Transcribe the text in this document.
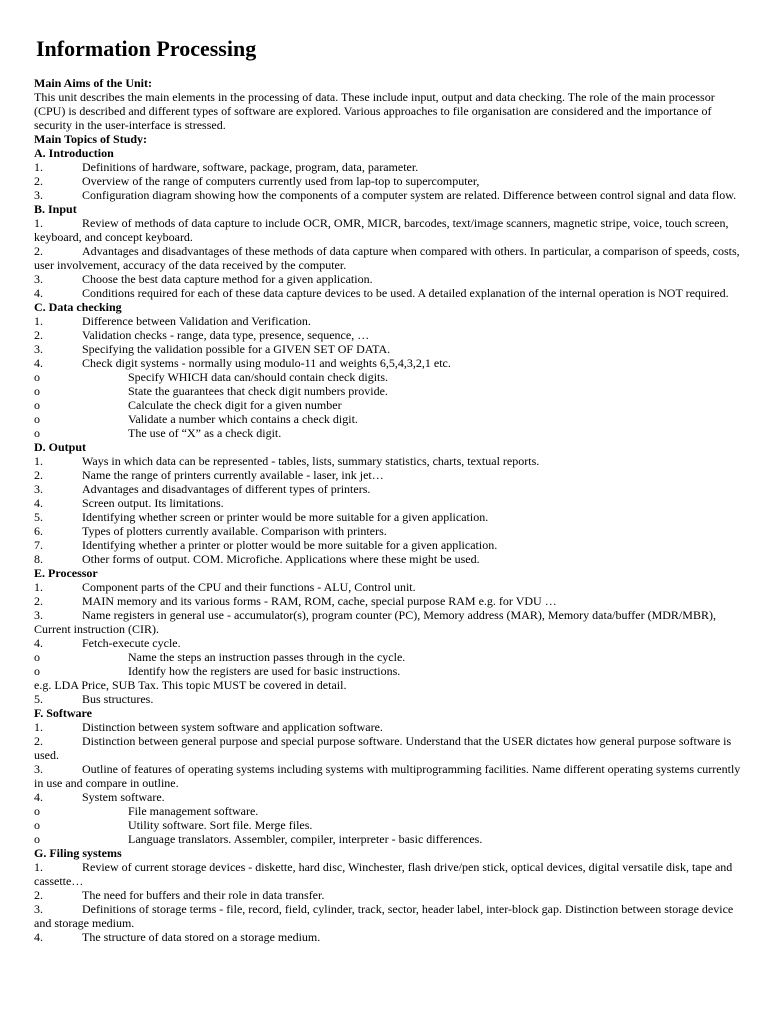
Information Processing
Main Aims of the Unit:
This unit describes the main elements in the processing of data. These include input, output and data checking. The role of the main processor (CPU) is described and different types of software are explored. Various approaches to file organisation are considered and the importance of security in the user-interface is stressed.
Main Topics of Study:
A. Introduction
1.	Definitions of hardware, software, package, program, data, parameter.
2.	Overview of the range of computers currently used from lap-top to supercomputer,
3.	Configuration diagram showing how the components of a computer system are related. Difference between control signal and data flow.
B. Input
1.	Review of methods of data capture to include OCR, OMR, MICR, barcodes, text/image scanners, magnetic stripe, voice, touch screen, keyboard, and concept keyboard.
2.	Advantages and disadvantages of these methods of data capture when compared with others. In particular, a comparison of speeds, costs, user involvement, accuracy of the data received by the computer.
3.	Choose the best data capture method for a given application.
4.	Conditions required for each of these data capture devices to be used. A detailed explanation of the internal operation is NOT required.
C. Data checking
1.	Difference between Validation and Verification.
2.	Validation checks - range, data type, presence, sequence, …
3.	Specifying the validation possible for a GIVEN SET OF DATA.
4.	Check digit systems - normally using modulo-11 and weights 6,5,4,3,2,1 etc.
o	Specify WHICH data can/should contain check digits.
o	State the guarantees that check digit numbers provide.
o	Calculate the check digit for a given number
o	Validate a number which contains a check digit.
o	The use of “X” as a check digit.
D. Output
1.	Ways in which data can be represented - tables, lists, summary statistics, charts, textual reports.
2.	Name the range of printers currently available - laser, ink jet…
3.	Advantages and disadvantages of different types of printers.
4.	Screen output. Its limitations.
5.	Identifying whether screen or printer would be more suitable for a given application.
6.	Types of plotters currently available. Comparison with printers.
7.	Identifying whether a printer or plotter would be more suitable for a given application.
8.	Other forms of output. COM. Microfiche. Applications where these might be used.
E. Processor
1.	Component parts of the CPU and their functions - ALU, Control unit.
2.	MAIN memory and its various forms - RAM, ROM, cache, special purpose RAM e.g. for VDU …
3.	Name registers in general use - accumulator(s), program counter (PC), Memory address (MAR), Memory data/buffer (MDR/MBR), Current instruction (CIR).
4.	Fetch-execute cycle.
o	Name the steps an instruction passes through in the cycle.
o	Identify how the registers are used for basic instructions.
e.g. LDA Price, SUB Tax. This topic MUST be covered in detail.
5.	Bus structures.
F. Software
1.	Distinction between system software and application software.
2.	Distinction between general purpose and special purpose software. Understand that the USER dictates how general purpose software is used.
3.	Outline of features of operating systems including systems with multiprogramming facilities. Name different operating systems currently in use and compare in outline.
4.	System software.
o	File management software.
o	Utility software. Sort file. Merge files.
o	Language translators. Assembler, compiler, interpreter - basic differences.
G. Filing systems
1.	Review of current storage devices - diskette, hard disc, Winchester, flash drive/pen stick, optical devices, digital versatile disk, tape and cassette…
2.	The need for buffers and their role in data transfer.
3.	Definitions of storage terms - file, record, field, cylinder, track, sector, header label, inter-block gap. Distinction between storage device and storage medium.
4.	The structure of data stored on a storage medium.
